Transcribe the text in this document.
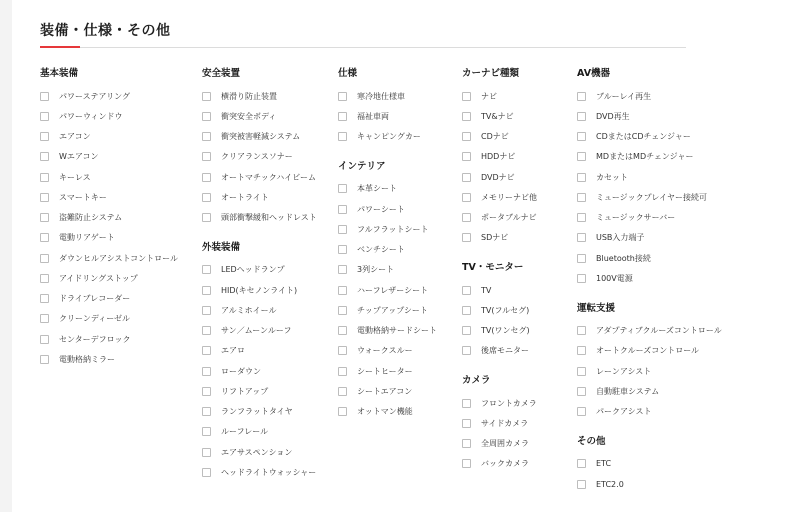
装備・仕様・その他
基本装備
パワーステアリング
パワーウィンドウ
エアコン
Wエアコン
キーレス
スマートキー
盗難防止システム
電動リアゲート
ダウンヒルアシストコントロール
アイドリングストップ
ドライブレコーダー
クリーンディーゼル
センターデフロック
電動格納ミラー
安全装置
横滑り防止装置
衝突安全ボディ
衝突被害軽減システム
クリアランスソナー
オートマチックハイビーム
オートライト
頭部衝撃緩和ヘッドレスト
外装装備
LEDヘッドランプ
HID(キセノンライト)
アルミホイール
サン／ムーンルーフ
エアロ
ローダウン
リフトアップ
ランフラットタイヤ
ルーフレール
エアサスペンション
ヘッドライトウォッシャー
仕様
寒冷地仕様車
福祉車両
キャンピングカー
インテリア
本革シート
パワーシート
フルフラットシート
ベンチシート
3列シート
ハーフレザーシート
チップアップシート
電動格納サードシート
ウォークスルー
シートヒーター
シートエアコン
オットマン機能
カーナビ種類
ナビ
TV&ナビ
CDナビ
HDDナビ
DVDナビ
メモリーナビ他
ポータブルナビ
SDナビ
TV・モニター
TV
TV(フルセグ)
TV(ワンセグ)
後席モニター
カメラ
フロントカメラ
サイドカメラ
全周囲カメラ
バックカメラ
AV機器
ブルーレイ再生
DVD再生
CDまたはCDチェンジャー
MDまたはMDチェンジャー
カセット
ミュージックプレイヤー接続可
ミュージックサーバー
USB入力端子
Bluetooth接続
100V電源
運転支援
アダプティブクルーズコントロール
オートクルーズコントロール
レーンアシスト
自動駐車システム
パークアシスト
その他
ETC
ETC2.0
